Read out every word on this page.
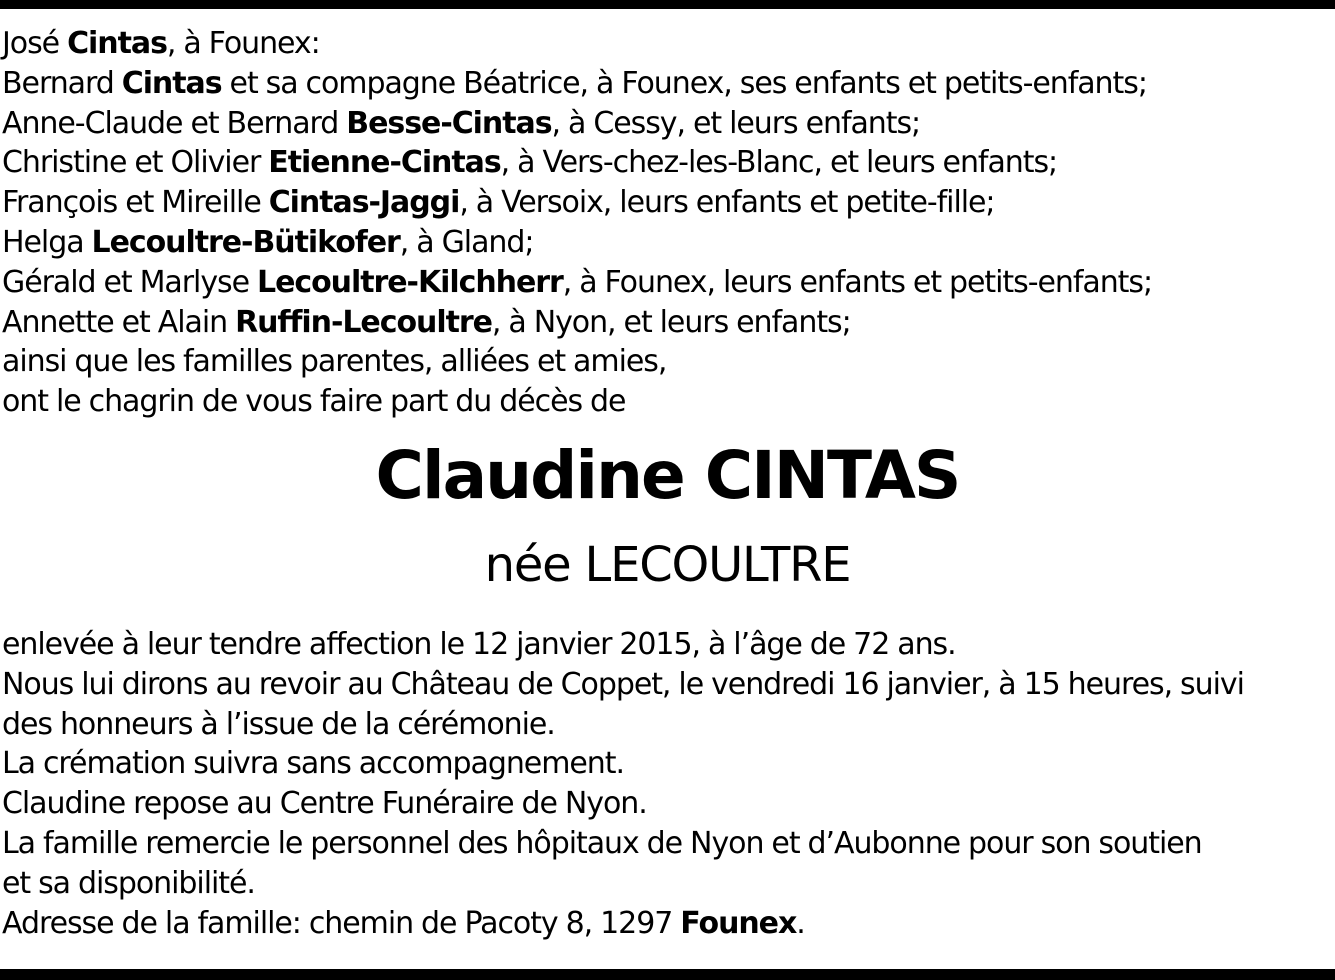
José Cintas, à Founex:
Bernard Cintas et sa compagne Béatrice, à Founex, ses enfants et petits-enfants;
Anne-Claude et Bernard Besse-Cintas, à Cessy, et leurs enfants;
Christine et Olivier Etienne-Cintas, à Vers-chez-les-Blanc, et leurs enfants;
François et Mireille Cintas-Jaggi, à Versoix, leurs enfants et petite-fille;
Helga Lecoultre-Bütikofer, à Gland;
Gérald et Marlyse Lecoultre-Kilchherr, à Founex, leurs enfants et petits-enfants;
Annette et Alain Ruffin-Lecoultre, à Nyon, et leurs enfants;
ainsi que les familles parentes, alliées et amies,
ont le chagrin de vous faire part du décès de
Claudine CINTAS
née LECOULTRE
enlevée à leur tendre affection le 12 janvier 2015, à l’âge de 72 ans.
Nous lui dirons au revoir au Château de Coppet, le vendredi 16 janvier, à 15 heures, suivi
des honneurs à l’issue de la cérémonie.
La crémation suivra sans accompagnement.
Claudine repose au Centre Funéraire de Nyon.
La famille remercie le personnel des hôpitaux de Nyon et d’Aubonne pour son soutien
et sa disponibilité.
Adresse de la famille: chemin de Pacoty 8, 1297 Founex.
